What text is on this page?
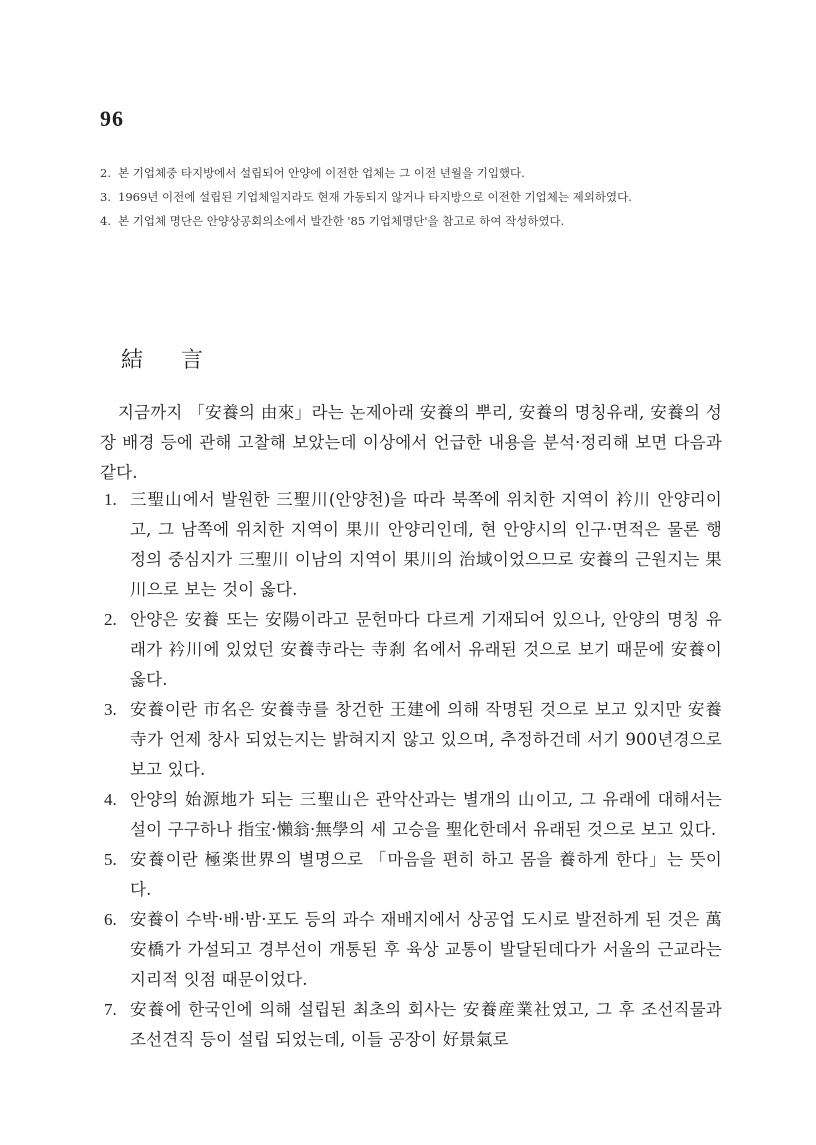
96
2. 본 기업체중 타지방에서 설립되어 안양에 이전한 업체는 그 이전 년월을 기입했다.
3. 1969년 이전에 설립된 기업체일지라도 현재 가동되지 않거나 타지방으로 이전한 기업체는 제외하였다.
4. 본 기업체 명단은 안양상공회의소에서 발간한 '85 기업체명단'을 참고로 하여 작성하였다.
結言

지금까지 「安養의 由來」라는 논제아래 安養의 뿌리, 安養의 명칭유래, 安養의 성장 배경 등에 관해 고찰해 보았는데 이상에서 언급한 내용을 분석·정리해 보면 다음과 같다.

1. 三聖山에서 발원한 三聖川(안양천)을 따라 북쪽에 위치한 지역이 衿川 안양리이고, 그 남쪽에 위치한 지역이 果川 안양리인데, 현 안양시의 인구·면적은 물론 행정의 중심지가 三聖川 이남의 지역이 果川의 治域이었으므로 安養의 근원지는 果川으로 보는 것이 옳다.
2. 안양은 安養 또는 安陽이라고 문헌마다 다르게 기재되어 있으나, 안양의 명칭 유래가 衿川에 있었던 安養寺라는 寺刹 名에서 유래된 것으로 보기 때문에 安養이 옳다.
3. 安養이란 市名은 安養寺를 창건한 王建에 의해 작명된 것으로 보고 있지만 安養寺가 언제 창사 되었는지는 밝혀지지 않고 있으며, 추정하건데 서기 900년경으로 보고 있다.
4. 안양의 始源地가 되는 三聖山은 관악산과는 별개의 山이고, 그 유래에 대해서는 설이 구구하나 指宝·懶翁·無學의 세 고승을 聖化한데서 유래된 것으로 보고 있다.
5. 安養이란 極楽世界의 별명으로 「마음을 편히 하고 몸을 養하게 한다」는 뜻이다.
6. 安養이 수박·배·밤·포도 등의 과수 재배지에서 상공업 도시로 발전하게 된 것은 萬安橋가 가설되고 경부선이 개통된 후 육상 교통이 발달된데다가 서울의 근교라는 지리적 잇점 때문이었다.
7. 安養에 한국인에 의해 설립된 최초의 회사는 安養産業社였고, 그 후 조선직물과 조선견직 등이 설립 되었는데, 이들 공장이 好景氣로
